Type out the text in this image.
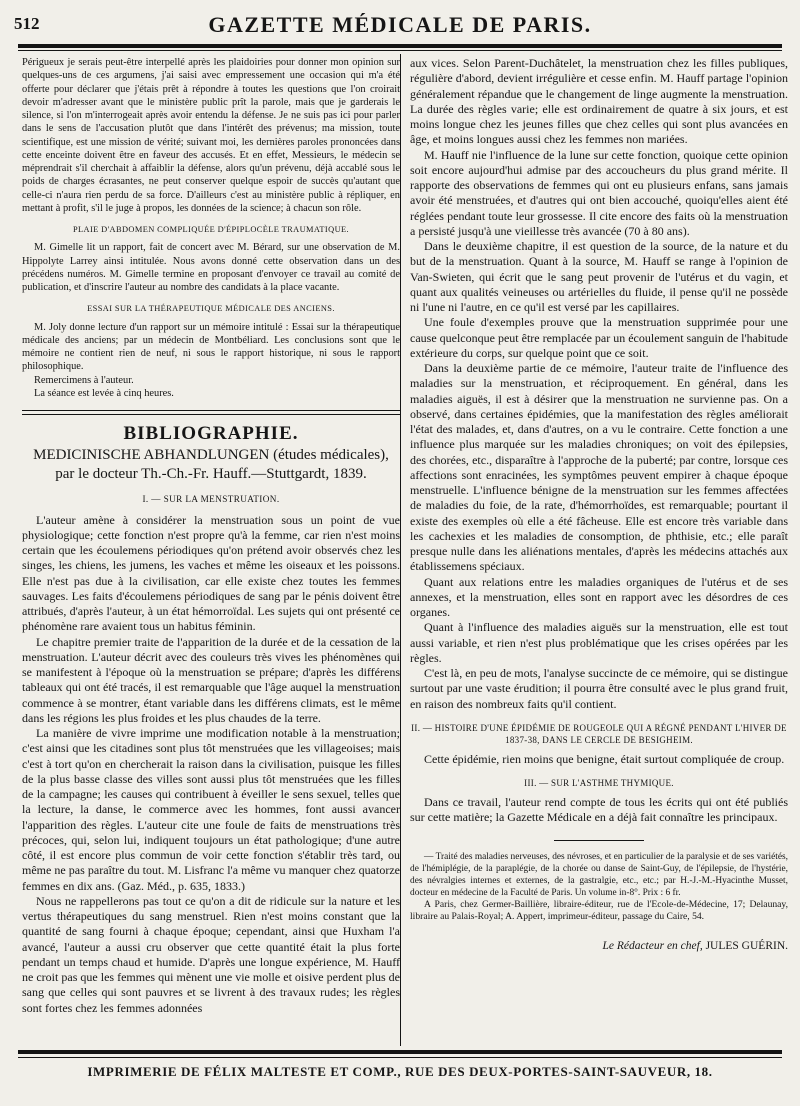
512	GAZETTE MÉDICALE DE PARIS.

Périgueux je serais peut-être interpellé après les plaidoiries pour donner mon opinion sur quelques-uns de ces argumens, j'ai saisi avec empressement une occasion qui m'a été offerte pour déclarer que j'étais prêt à répondre à toutes les questions que l'on croirait devoir m'adresser avant que le ministère public prît la parole, mais que je garderais le silence, si l'on m'interrogeait après avoir entendu la défense. Je ne suis pas ici pour parler dans le sens de l'accusation plutôt que dans l'intérêt des prévenus; ma mission, toute scientifique, est une mission de vérité; suivant moi, les dernières paroles prononcées dans cette enceinte doivent être en faveur des accusés. Et en effet, Messieurs, le médecin se méprendrait s'il cherchait à affaiblir la défense, alors qu'un prévenu, déjà accablé sous le poids de charges écrasantes, ne peut conserver quelque espoir de succès qu'autant que celle-ci n'aura rien perdu de sa force. D'ailleurs c'est au ministère public à répliquer, en mettant à profit, s'il le juge à propos, les données de la science; à chacun son rôle.

PLAIE D'ABDOMEN COMPLIQUÉE D'ÉPIPLOCÈLE TRAUMATIQUE.

M. Gimelle lit un rapport, fait de concert avec M. Bérard, sur une observation de M. Hippolyte Larrey ainsi intitulée. Nous avons donné cette observation dans un des précédens numéros. M. Gimelle termine en proposant d'envoyer ce travail au comité de publication, et d'inscrire l'auteur au nombre des candidats à la place vacante.

ESSAI SUR LA THÉRAPEUTIQUE MÉDICALE DES ANCIENS.

M. Joly donne lecture d'un rapport sur un mémoire intitulé : Essai sur la thérapeutique médicale des anciens; par un médecin de Montbéliard. Les conclusions sont que le mémoire ne contient rien de neuf, ni sous le rapport historique, ni sous le rapport philosophique.

Remercimens à l'auteur.

La séance est levée à cinq heures.

BIBLIOGRAPHIE.
MEDICINISCHE ABHANDLUNGEN (études médicales), par le docteur Th.-Ch.-Fr. Hauff.—Stuttgardt, 1839.
I. — SUR LA MENSTRUATION.

L'auteur amène à considérer la menstruation sous un point de vue physiologique; cette fonction n'est propre qu'à la femme, car rien n'est moins certain que les écoulemens périodiques qu'on prétend avoir observés chez les singes, les chiens, les jumens, les vaches et même les oiseaux et les poissons. Elle n'est pas due à la civilisation, car elle existe chez toutes les femmes sauvages. Les faits d'écoulemens périodiques de sang par le pénis doivent être attribués, d'après l'auteur, à un état hémorroïdal. Les sujets qui ont présenté ce phénomène rare avaient tous un habitus féminin.

Le chapitre premier traite de l'apparition de la durée et de la cessation de la menstruation. L'auteur décrit avec des couleurs très vives les phénomènes qui se manifestent à l'époque où la menstruation se prépare; d'après les différens tableaux qui ont été tracés, il est remarquable que l'âge auquel la menstruation commence à se montrer, étant variable dans les différens climats, est le même dans les régions les plus froides et les plus chaudes de la terre.

La manière de vivre imprime une modification notable à la menstruation; c'est ainsi que les citadines sont plus tôt menstruées que les villageoises; mais c'est à tort qu'on en chercherait la raison dans la civilisation, puisque les filles de la plus basse classe des villes sont aussi plus tôt menstruées que les filles de la campagne; les causes qui contribuent à éveiller le sens sexuel, telles que la lecture, la danse, le commerce avec les hommes, font aussi avancer l'apparition des règles. L'auteur cite une foule de faits de menstruations très précoces, qui, selon lui, indiquent toujours un état pathologique; d'une autre côté, il est encore plus commun de voir cette fonction s'établir très tard, ou même ne pas paraître du tout. M. Lisfranc l'a même vu manquer chez quatorze femmes en dix ans. (Gaz. Méd., p. 635, 1833.)

Nous ne rappellerons pas tout ce qu'on a dit de ridicule sur la nature et les vertus thérapeutiques du sang menstruel. Rien n'est moins constant que la quantité de sang fourni à chaque époque; cependant, ainsi que Huxham l'a avancé, l'auteur a aussi cru observer que cette quantité était la plus forte pendant un temps chaud et humide. D'après une longue expérience, M. Hauff ne croit pas que les femmes qui mènent une vie molle et oisive perdent plus de sang que celles qui sont pauvres et se livrent à des travaux rudes; les règles sont fortes chez les femmes adonnées

aux vices. Selon Parent-Duchâtelet, la menstruation chez les filles publiques, régulière d'abord, devient irrégulière et cesse enfin. M. Hauff partage l'opinion généralement répandue que le changement de linge augmente la menstruation. La durée des règles varie; elle est ordinairement de quatre à six jours, et est moins longue chez les jeunes filles que chez celles qui sont plus avancées en âge, et moins longues aussi chez les femmes non mariées.

M. Hauff nie l'influence de la lune sur cette fonction, quoique cette opinion soit encore aujourd'hui admise par des accoucheurs du plus grand mérite. Il rapporte des observations de femmes qui ont eu plusieurs enfans, sans jamais avoir été menstruées, et d'autres qui ont bien accouché, quoiqu'elles aient été réglées pendant toute leur grossesse. Il cite encore des faits où la menstruation a persisté jusqu'à une vieillesse très avancée (70 à 80 ans).

Dans le deuxième chapitre, il est question de la source, de la nature et du but de la menstruation. Quant à la source, M. Hauff se range à l'opinion de Van-Swieten, qui écrit que le sang peut provenir de l'utérus et du vagin, et quant aux qualités veineuses ou artérielles du fluide, il pense qu'il ne possède ni l'une ni l'autre, en ce qu'il est versé par les capillaires.

Une foule d'exemples prouve que la menstruation supprimée pour une cause quelconque peut être remplacée par un écoulement sanguin de l'habitude extérieure du corps, sur quelque point que ce soit.

Dans la deuxième partie de ce mémoire, l'auteur traite de l'influence des maladies sur la menstruation, et réciproquement. En général, dans les maladies aiguës, il est à désirer que la menstruation ne survienne pas. On a observé, dans certaines épidémies, que la manifestation des règles améliorait l'état des malades, et, dans d'autres, on a vu le contraire. Cette fonction a une influence plus marquée sur les maladies chroniques; on voit des épilepsies, des chorées, etc., disparaître à l'approche de la puberté; par contre, lorsque ces affections sont enracinées, les symptômes peuvent empirer à chaque époque menstruelle. L'influence bénigne de la menstruation sur les femmes affectées de maladies du foie, de la rate, d'hémorrhoïdes, est remarquable; pourtant il existe des exemples où elle a été fâcheuse. Elle est encore très variable dans les cachexies et les maladies de consomption, de phthisie, etc.; elle paraît presque nulle dans les aliénations mentales, d'après les médecins attachés aux établissemens spéciaux.

Quant aux relations entre les maladies organiques de l'utérus et de ses annexes, et la menstruation, elles sont en rapport avec les désordres de ces organes.

Quant à l'influence des maladies aiguës sur la menstruation, elle est tout aussi variable, et rien n'est plus problématique que les crises opérées par les règles.

C'est là, en peu de mots, l'analyse succincte de ce mémoire, qui se distingue surtout par une vaste érudition; il pourra être consulté avec le plus grand fruit, en raison des nombreux faits qu'il contient.

II. — HISTOIRE D'UNE ÉPIDÉMIE DE ROUGEOLE QUI A RÉGNÉ PENDANT L'HIVER DE 1837-38, DANS LE CERCLE DE BESIGHEIM.

Cette épidémie, rien moins que benigne, était surtout compliquée de croup.

III. — SUR L'ASTHME THYMIQUE.

Dans ce travail, l'auteur rend compte de tous les écrits qui ont été publiés sur cette matière; la Gazette Médicale en a déjà fait connaître les principaux.

— Traité des maladies nerveuses, des névroses, et en particulier de la paralysie et de ses variétés, de l'hémiplégie, de la paraplégie, de la chorée ou danse de Saint-Guy, de l'épilepsie, de l'hystérie, des névralgies internes et externes, de la gastralgie, etc., etc.; par H.-J.-M.-Hyacinthe Musset, docteur en médecine de la Faculté de Paris. Un volume in-8°. Prix : 6 fr.

A Paris, chez Germer-Baillière, libraire-éditeur, rue de l'Ecole-de-Médecine, 17; Delaunay, libraire au Palais-Royal; A. Appert, imprimeur-éditeur, passage du Caire, 54.

Le Rédacteur en chef, JULES GUÉRIN.
IMPRIMERIE DE FÉLIX MALTESTE ET COMP., RUE DES DEUX-PORTES-SAINT-SAUVEUR, 18.
